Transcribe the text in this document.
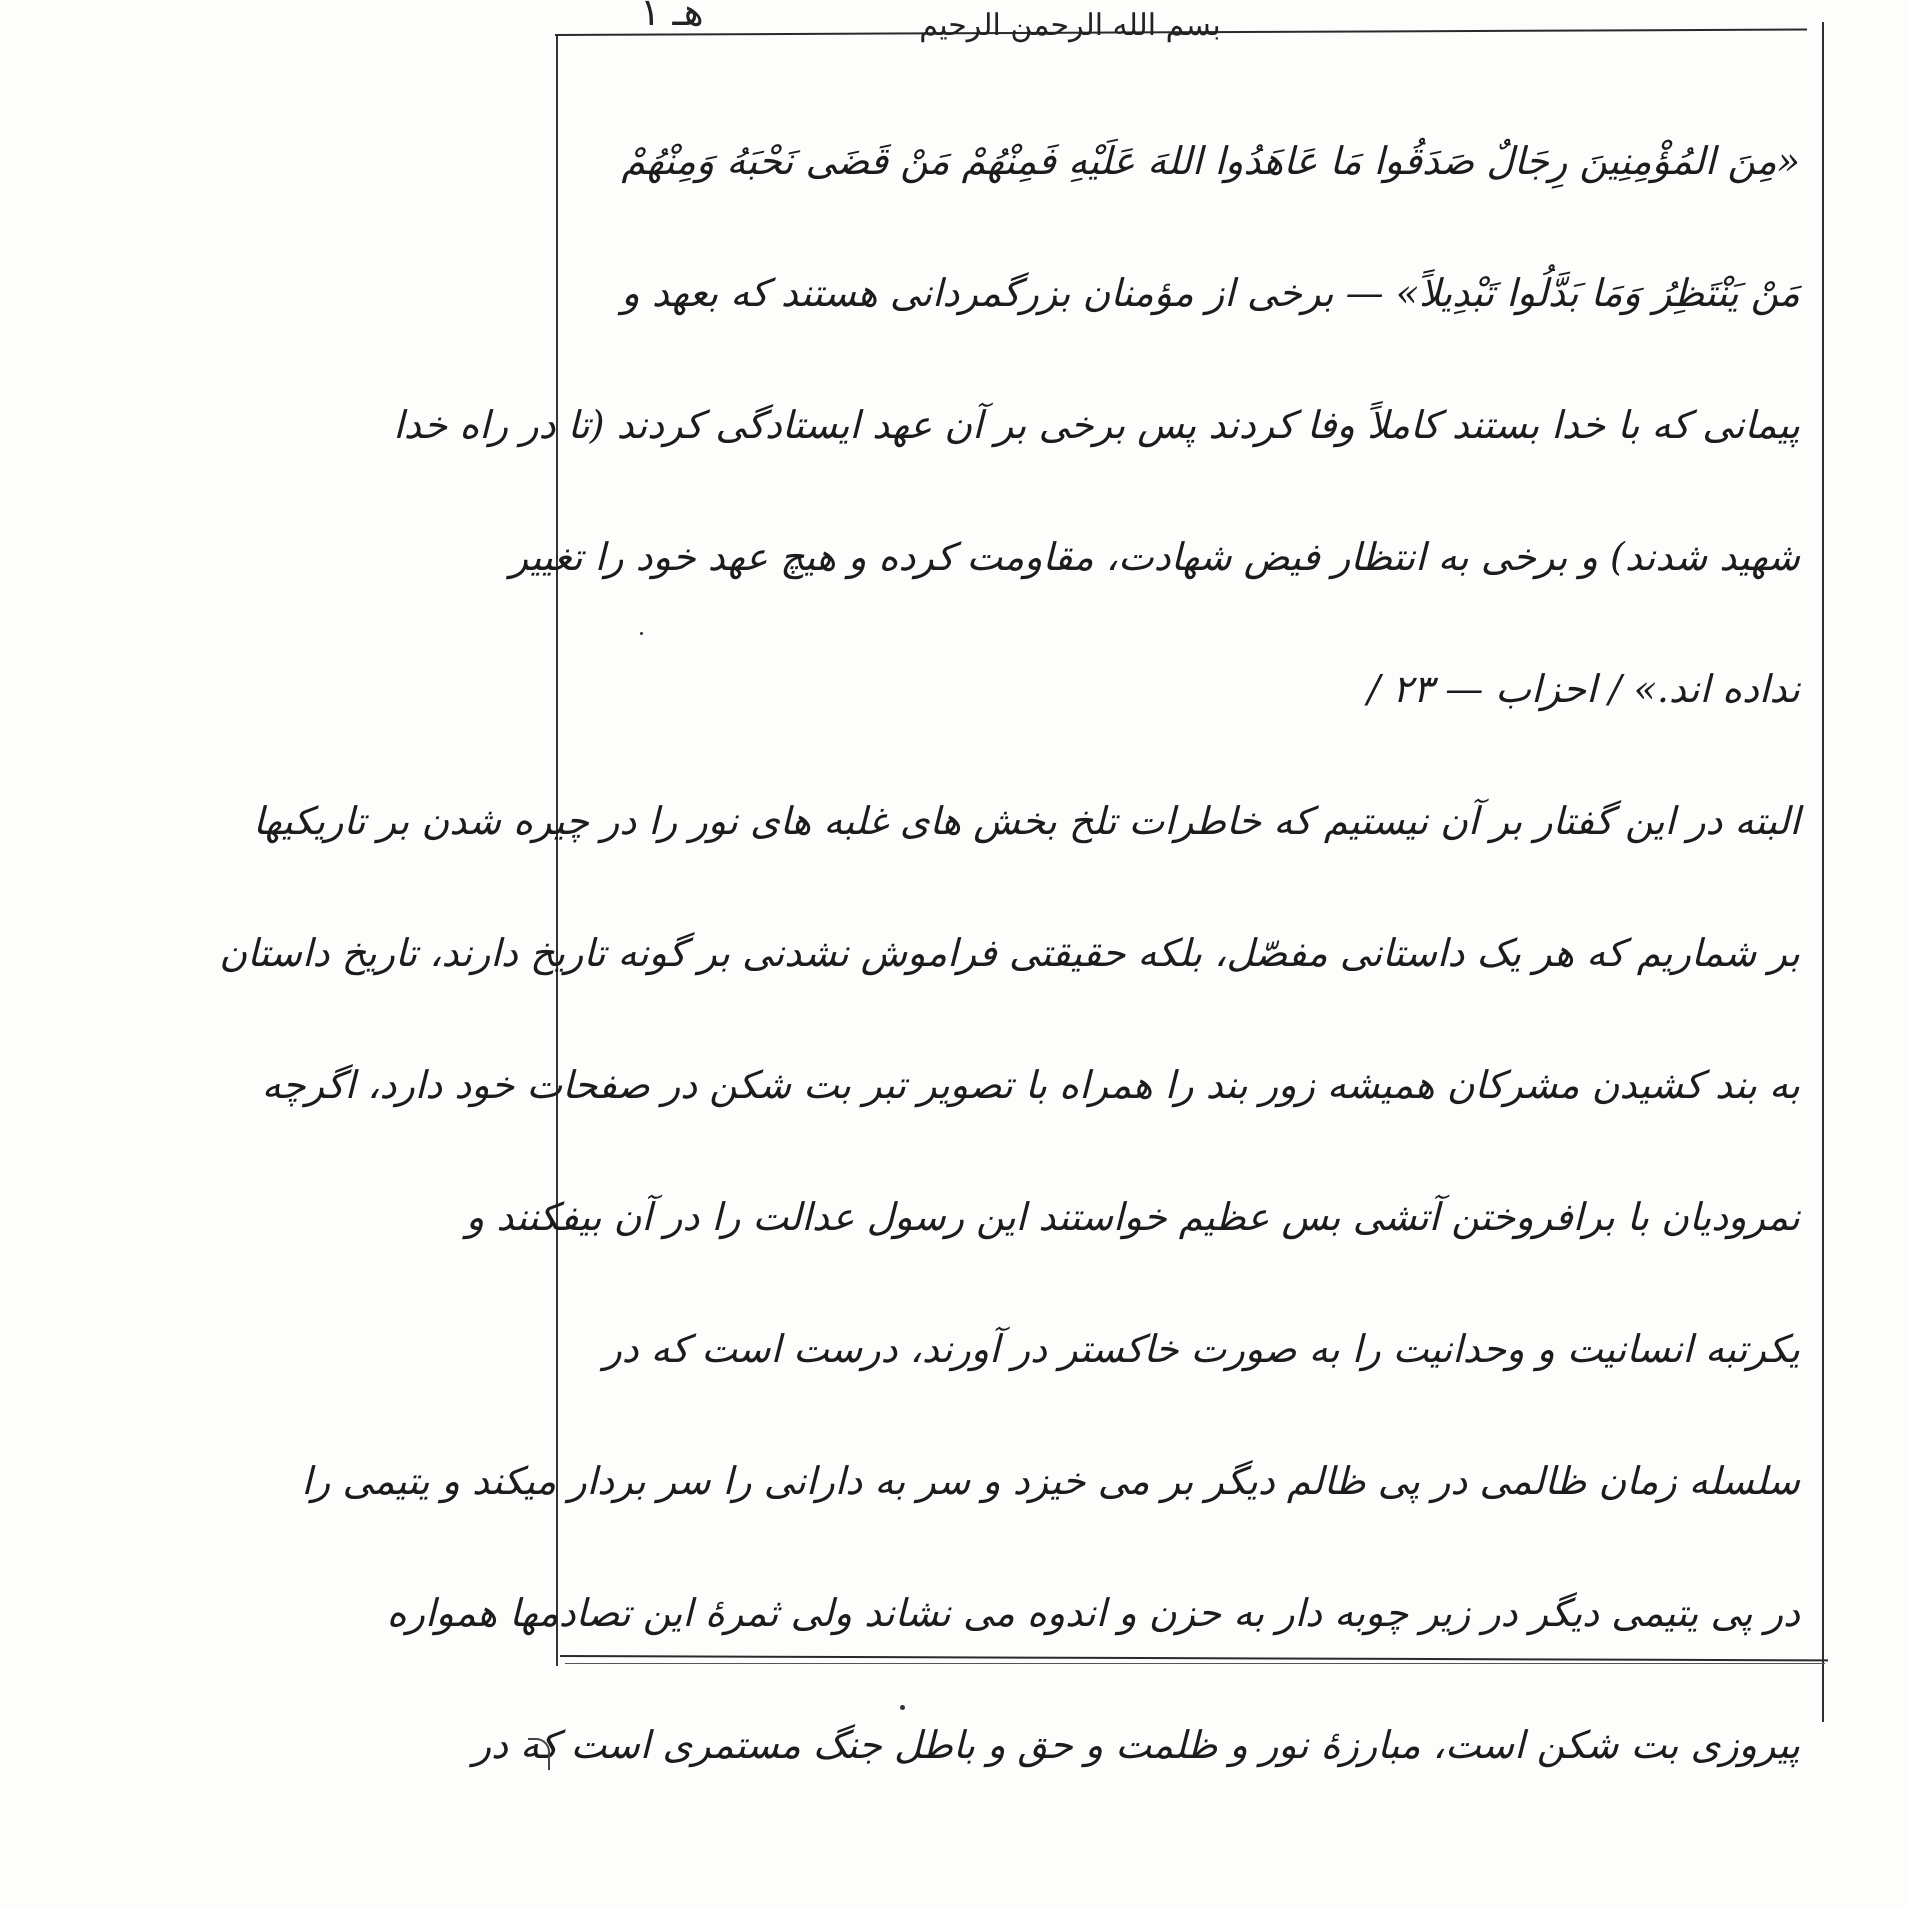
هـ ١	بسم الله الرحمن الرحیم
«مِنَ المُؤْمِنِینَ رِجَالٌ صَدَقُوا مَا عَاهَدُوا اللهَ عَلَیْهِ فَمِنْهُمْ مَنْ قَضَی نَحْبَهُ وَمِنْهُمْ
مَنْ یَنْتَظِرُ وَمَا بَدَّلُوا تَبْدِیلاً» — برخی از مؤمنان بزرگمردانی هستند که بعهد و
پیمانی که با خدا بستند کاملاً وفا کردند پس برخی بر آن عهد ایستادگی کردند (تا در راه خدا
شهید شدند) و برخی به انتظار فیض شهادت، مقاومت کرده و هیچ عهد خود را تغییر
نداده اند.» / احزاب — ۲۳ /
البته در این گفتار بر آن نیستیم که خاطرات تلخ بخش های غلبه های نور را در چیره شدن بر تاریکیها
بر شماریم که هر یک داستانی مفصّل، بلکه حقیقتی فراموش نشدنی بر گونه تاریخ دارند، تاریخ داستان
به بند کشیدن مشرکان همیشه زور بند را همراه با تصویر تبر بت شکن در صفحات خود دارد، اگرچه
نمرودیان با برافروختن آتشی بس عظیم خواستند این رسول عدالت را در آن بیفکنند و
یکرتبه انسانیت و وحدانیت را به صورت خاکستر در آورند، درست است که در
سلسله زمان ظالمی در پی ظالم دیگر بر می خیزد و سر به دارانی را سر بردار میکند و یتیمی را
در پی یتیمی دیگر در زیر چوبه دار به حزن و اندوه می نشاند ولی ثمرهٔ این تصادمها همواره
پیروزی بت شکن است، مبارزهٔ نور و ظلمت و حق و باطل جنگ مستمری است که در
